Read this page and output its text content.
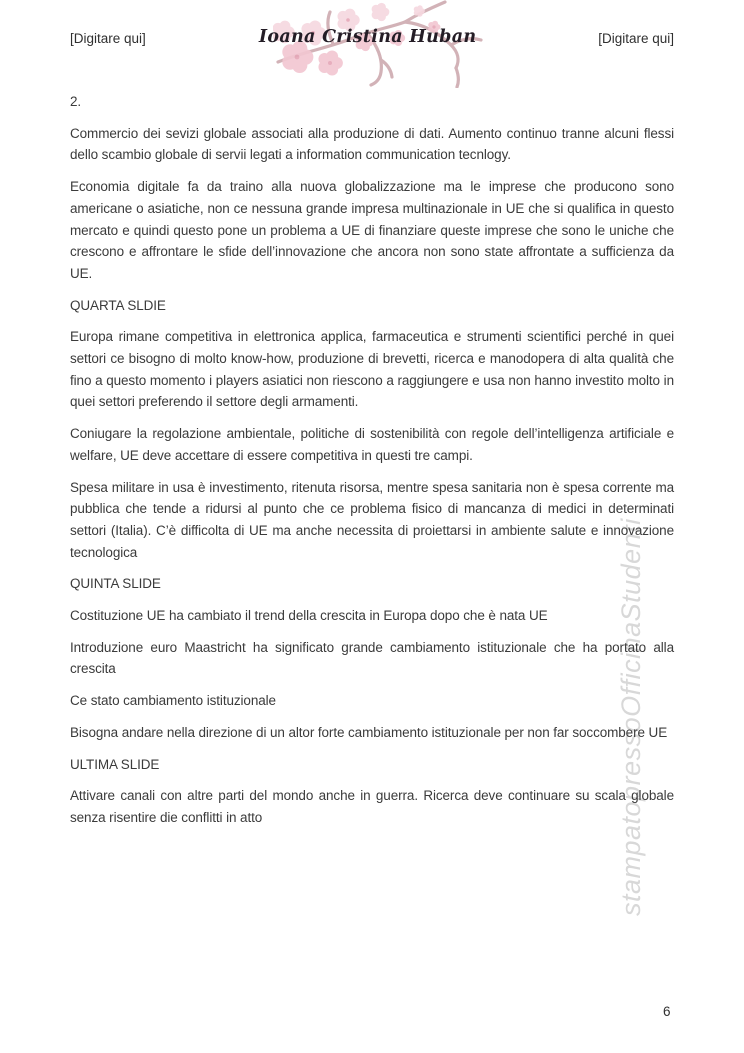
[Digitare qui]	[Digitare qui]
Ioana Cristina Huban

2.

Commercio dei sevizi globale associati alla produzione di dati. Aumento continuo tranne alcuni flessi dello scambio globale di servii legati a information communication tecnlogy.

Economia digitale fa da traino alla nuova globalizzazione ma le imprese che producono sono americane o asiatiche, non ce nessuna grande impresa multinazionale in UE che si qualifica in questo mercato e quindi questo pone un problema a UE di finanziare queste imprese che sono le uniche che crescono e affrontare le sfide dell’innovazione che ancora non sono state affrontate a sufficienza da UE.

QUARTA SLDIE

Europa rimane competitiva in elettronica applica, farmaceutica e strumenti scientifici perché in quei settori ce bisogno di molto know-how, produzione di brevetti, ricerca e manodopera di alta qualità che fino a questo momento i players asiatici non riescono a raggiungere e usa non hanno investito molto in quei settori preferendo il settore degli armamenti.

Coniugare la regolazione ambientale, politiche di sostenibilità con regole dell’intelligenza artificiale e welfare, UE deve accettare di essere competitiva in questi tre campi.

Spesa militare in usa è investimento, ritenuta risorsa, mentre spesa sanitaria non è spesa corrente ma pubblica che tende a ridursi al punto che ce problema fisico di mancanza di medici in determinati settori (Italia). C’è difficolta di UE ma anche necessita di proiettarsi in ambiente salute e innovazione tecnologica

QUINTA SLIDE

Costituzione UE ha cambiato il trend della crescita in Europa dopo che è nata UE

Introduzione euro Maastricht ha significato grande cambiamento istituzionale che ha portato alla crescita

Ce stato cambiamento istituzionale

Bisogna andare nella direzione di un altor forte cambiamento istituzionale per non far soccombere UE

ULTIMA SLIDE

Attivare canali con altre parti del mondo anche in guerra. Ricerca deve continuare su scala globale senza risentire die conflitti in atto	stampatopressoOfficinaStudenti
6
